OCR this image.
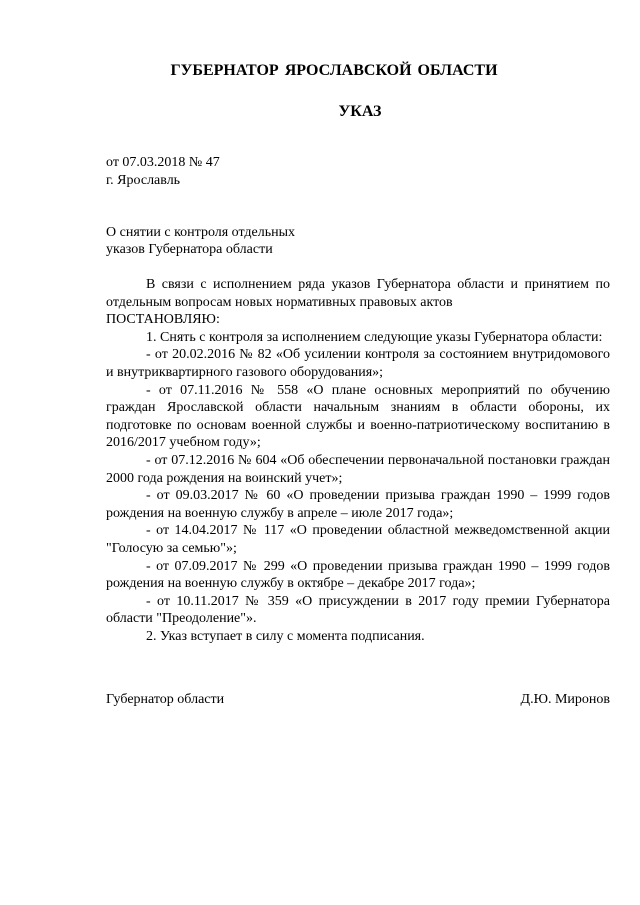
ГУБЕРНАТОР ЯРОСЛАВСКОЙ ОБЛАСТИ
УКАЗ
от 07.03.2018 № 47
г. Ярославль
О снятии с контроля отдельных
указов Губернатора области

В связи с исполнением ряда указов Губернатора области и принятием по отдельным вопросам новых нормативных правовых актов

ПОСТАНОВЛЯЮ:

1. Снять с контроля за исполнением следующие указы Губернатора области:

- от 20.02.2016 № 82 «Об усилении контроля за состоянием внутридомового и внутриквартирного газового оборудования»;

- от 07.11.2016 № 558 «О плане основных мероприятий по обучению граждан Ярославской области начальным знаниям в области обороны, их подготовке по основам военной службы и военно-патриотическому воспитанию в 2016/2017 учебном году»;

- от 07.12.2016 № 604 «Об обеспечении первоначальной постановки граждан 2000 года рождения на воинский учет»;

- от 09.03.2017 № 60 «О проведении призыва граждан 1990 – 1999 годов рождения на военную службу в апреле – июле 2017 года»;

- от 14.04.2017 № 117 «О проведении областной межведомственной акции "Голосую за семью"»;

- от 07.09.2017 № 299 «О проведении призыва граждан 1990 – 1999 годов рождения на военную службу в октябре – декабре 2017 года»;

- от 10.11.2017 № 359 «О присуждении в 2017 году премии Губернатора области "Преодоление"».

2. Указ вступает в силу с момента подписания.

Губернатор области	Д.Ю. Миронов
